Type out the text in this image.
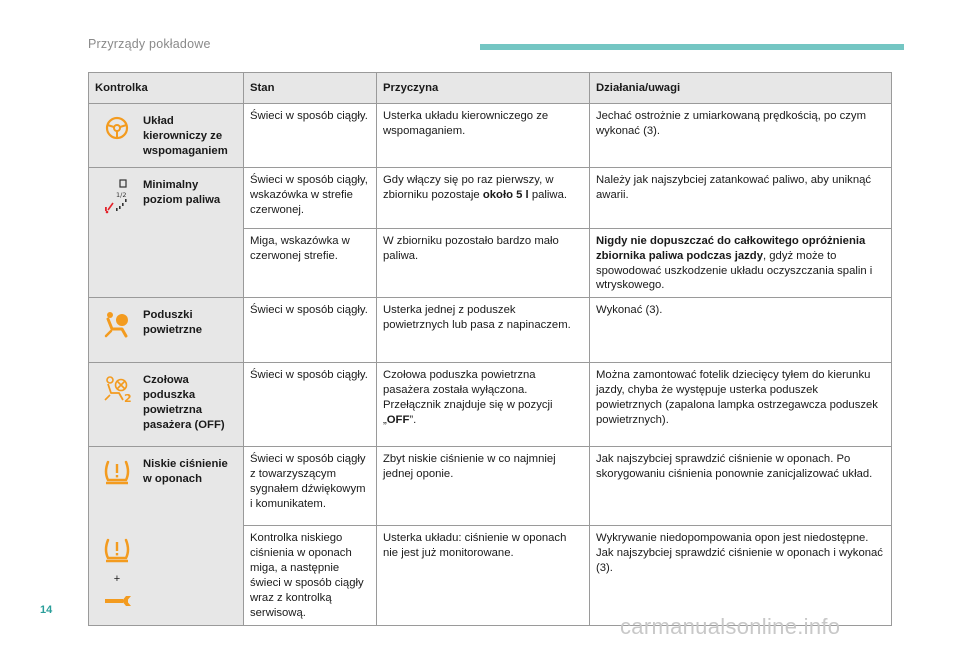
Przyrządy pokładowe
Kontrolka	Stan	Przyczyna	Działania/uwagi

Układ kierowniczy ze wspomaganiem	Świeci w sposób ciągły.	Usterka układu kierowniczego ze wspomaganiem.	Jechać ostrożnie z umiarkowaną prędkością, po czym wykonać (3).

1/2
Minimalny poziom paliwa	Świeci w sposób ciągły, wskazówka w strefie czerwonej.	Gdy włączy się po raz pierwszy, w zbiorniku pozostaje około 5 l paliwa.	Należy jak najszybciej zatankować paliwo, aby uniknąć awarii.
	Miga, wskazówka w czerwonej strefie.	W zbiorniku pozostało bardzo mało paliwa.	Nigdy nie dopuszczać do całkowitego opróżnienia zbiornika paliwa podczas jazdy, gdyż może to spowodować uszkodzenie układu oczyszczania spalin i wtryskowego.

Poduszki powietrzne	Świeci w sposób ciągły.	Usterka jednej z poduszek powietrznych lub pasa z napinaczem.	Wykonać (3).

2
Czołowa poduszka powietrzna pasażera (OFF)	Świeci w sposób ciągły.	Czołowa poduszka powietrzna pasażera została wyłączona. Przełącznik znajduje się w pozycji „OFF”.	Można zamontować fotelik dziecięcy tyłem do kierunku jazdy, chyba że występuje usterka poduszek powietrznych (zapalona lampka ostrzegawcza poduszek powietrznych).

+
Niskie ciśnienie w oponach	Świeci w sposób ciągły z towarzyszącym sygnałem dźwiękowym i komunikatem.	Zbyt niskie ciśnienie w co najmniej jednej oponie.	Jak najszybciej sprawdzić ciśnienie w oponach. Po skorygowaniu ciśnienia ponownie zanicjalizować układ.
	Kontrolka niskiego ciśnienia w oponach miga, a następnie świeci w sposób ciągły wraz z kontrolką serwisową.	Usterka układu: ciśnienie w oponach nie jest już monitorowane.	Wykrywanie niedopompowania opon jest niedostępne. Jak najszybciej sprawdzić ciśnienie w oponach i wykonać (3).
14
carmanualsonline.info
